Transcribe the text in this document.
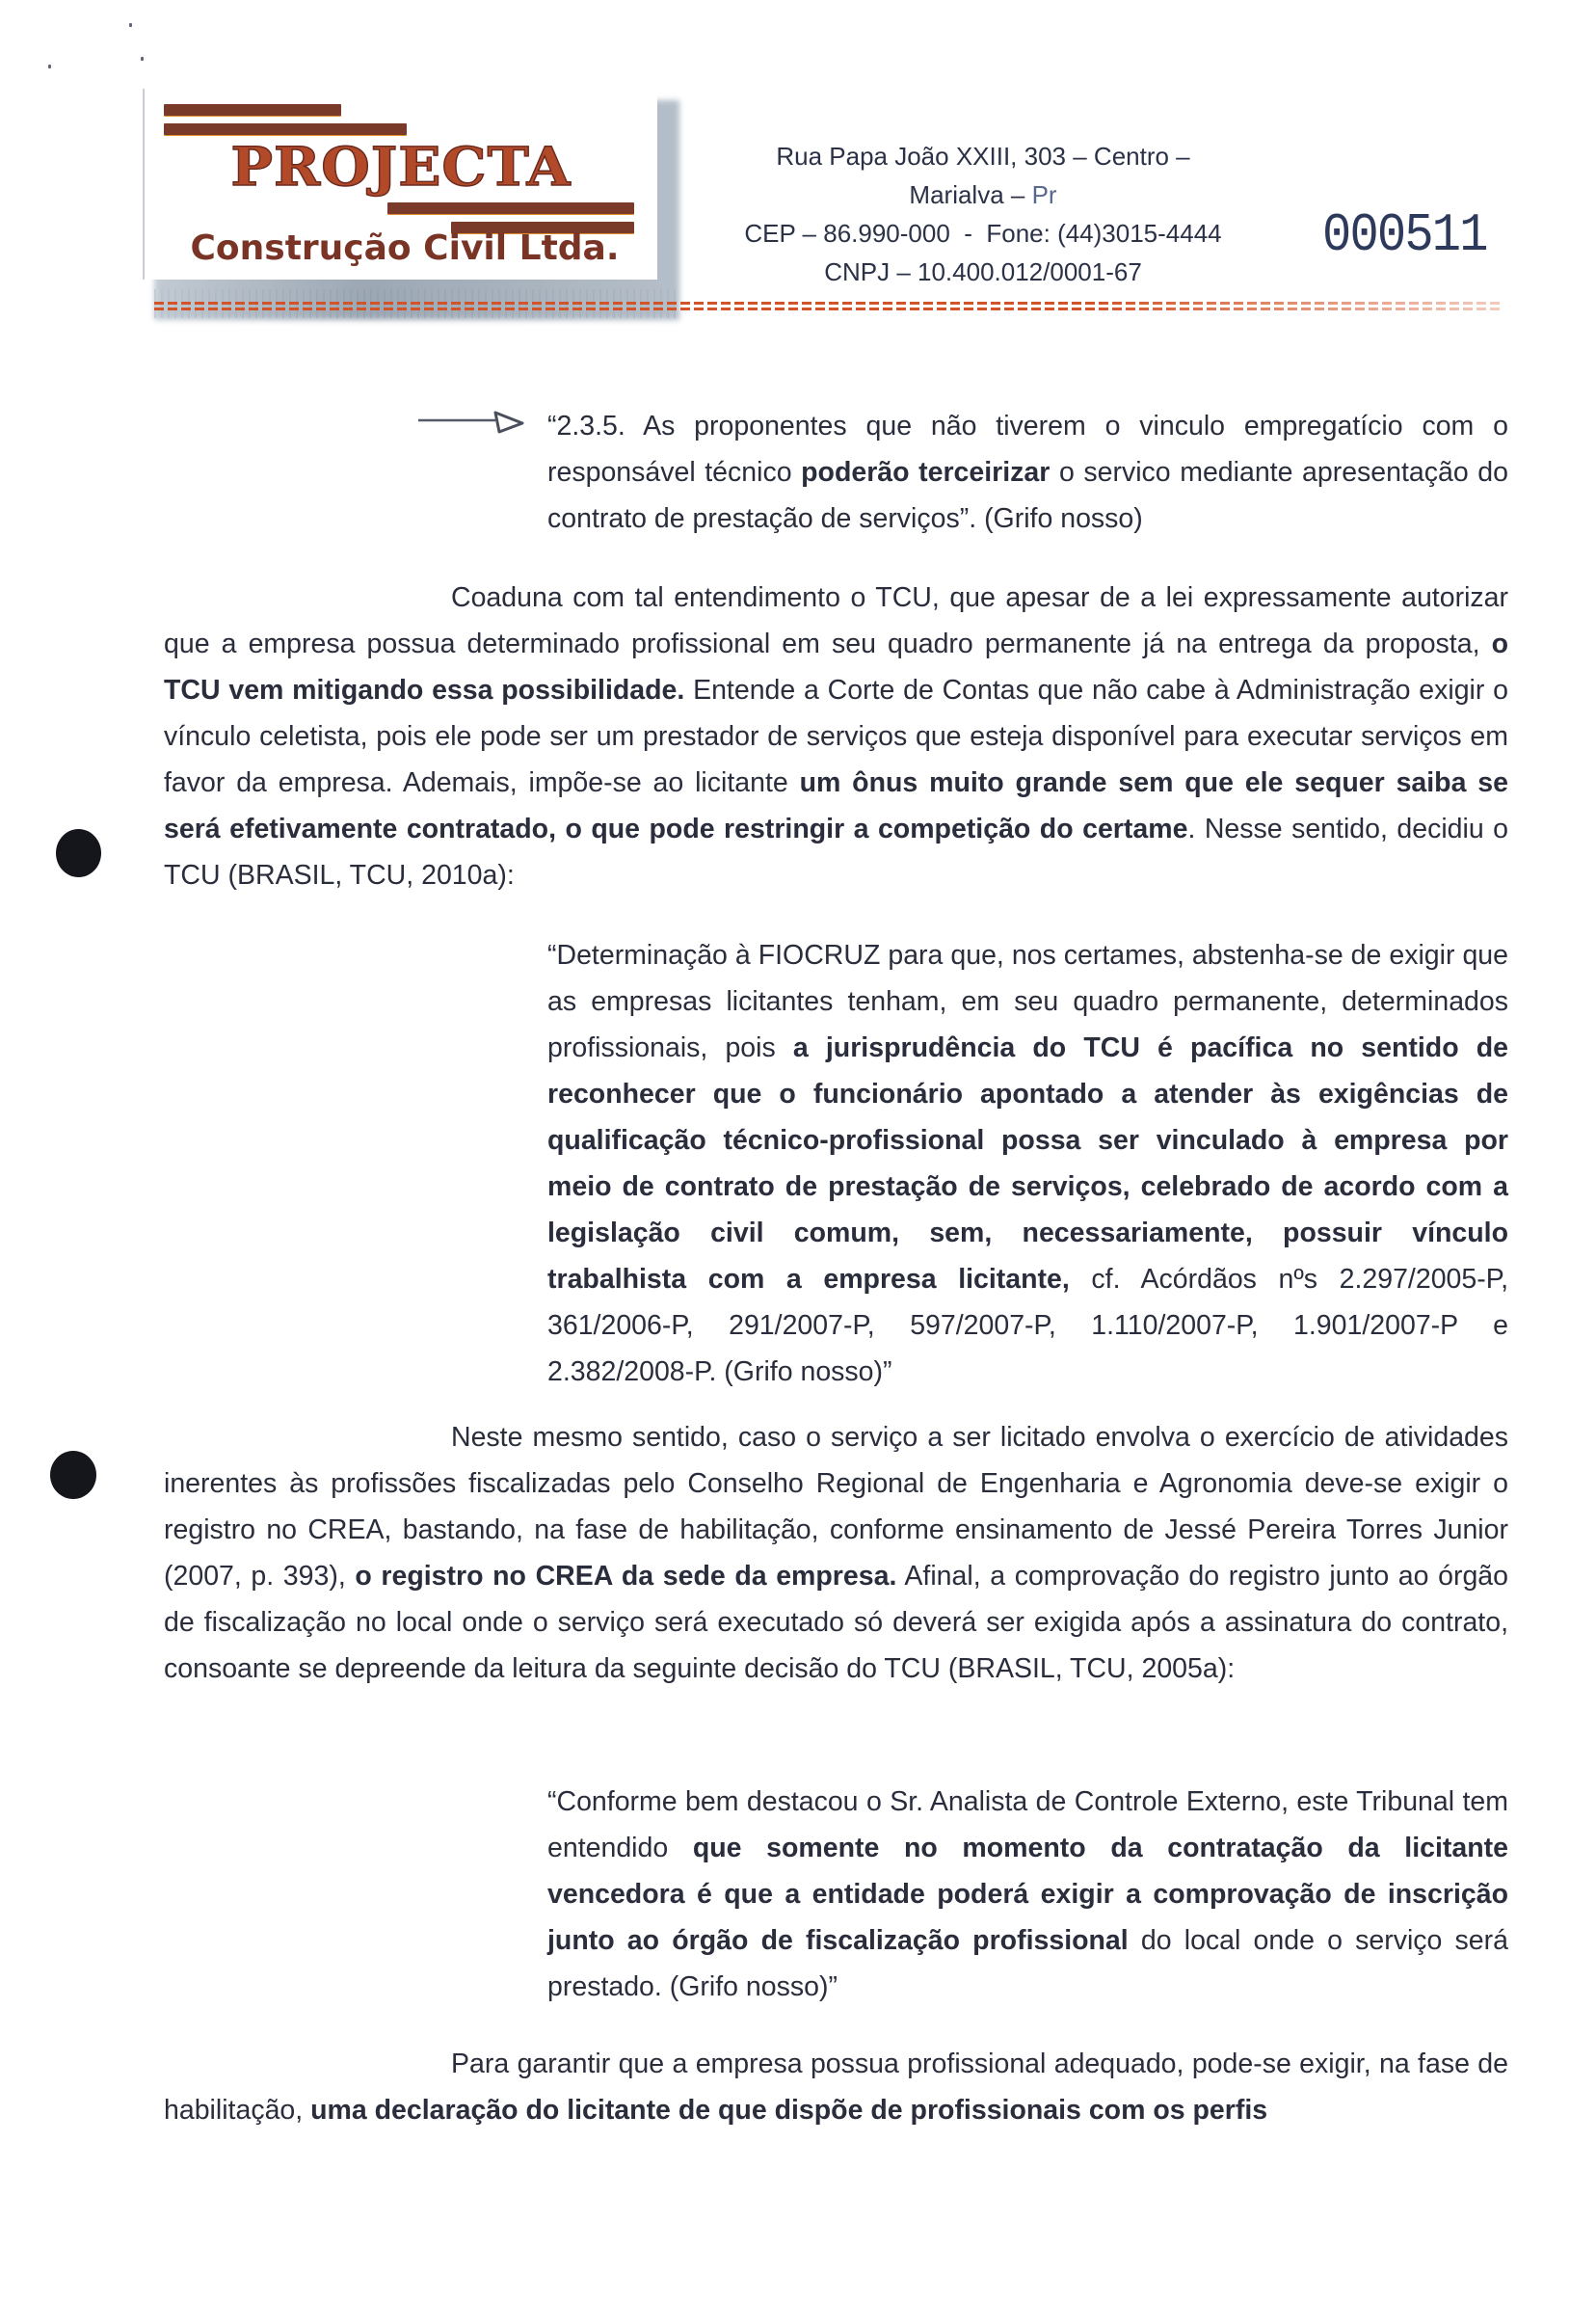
PROJECTA
Construção Civil Ltda.
Rua Papa João XXIII, 303 – Centro – Marialva – Pr
CEP – 86.990-000  -  Fone: (44)3015-4444
CNPJ – 10.400.012/0001-67
000511

“2.3.5. As proponentes que não tiverem o vinculo empregatício com o responsável técnico poderão terceirizar o servico mediante apresentação do contrato de prestação de serviços”. (Grifo nosso)

Coaduna com tal entendimento o TCU, que apesar de a lei expressamente autorizar que a empresa possua determinado profissional em seu quadro permanente já na entrega da proposta, o TCU vem mitigando essa possibilidade. Entende a Corte de Contas que não cabe à Administração exigir o vínculo celetista, pois ele pode ser um prestador de serviços que esteja disponível para executar serviços em favor da empresa. Ademais, impõe-se ao licitante um ônus muito grande sem que ele sequer saiba se será efetivamente contratado, o que pode restringir a competição do certame. Nesse sentido, decidiu o TCU (BRASIL, TCU, 2010a):

“Determinação à FIOCRUZ para que, nos certames, abstenha-se de exigir que as empresas licitantes tenham, em seu quadro permanente, determinados profissionais, pois a jurisprudência do TCU é pacífica no sentido de reconhecer que o funcionário apontado a atender às exigências de qualificação técnico-profissional possa ser vinculado à empresa por meio de contrato de prestação de serviços, celebrado de acordo com a legislação civil comum, sem, necessariamente, possuir vínculo trabalhista com a empresa licitante, cf. Acórdãos nºs 2.297/2005-P, 361/2006-P, 291/2007-P, 597/2007-P, 1.110/2007-P, 1.901/2007-P e 2.382/2008-P. (Grifo nosso)”

Neste mesmo sentido, caso o serviço a ser licitado envolva o exercício de atividades inerentes às profissões fiscalizadas pelo Conselho Regional de Engenharia e Agronomia deve-se exigir o registro no CREA, bastando, na fase de habilitação, conforme ensinamento de Jessé Pereira Torres Junior (2007, p. 393), o registro no CREA da sede da empresa. Afinal, a comprovação do registro junto ao órgão de fiscalização no local onde o serviço será executado só deverá ser exigida após a assinatura do contrato, consoante se depreende da leitura da seguinte decisão do TCU (BRASIL, TCU, 2005a):

“Conforme bem destacou o Sr. Analista de Controle Externo, este Tribunal tem entendido que somente no momento da contratação da licitante vencedora é que a entidade poderá exigir a comprovação de inscrição junto ao órgão de fiscalização profissional do local onde o serviço será prestado. (Grifo nosso)”

Para garantir que a empresa possua profissional adequado, pode-se exigir, na fase de habilitação, uma declaração do licitante de que dispõe de profissionais com os perfis
